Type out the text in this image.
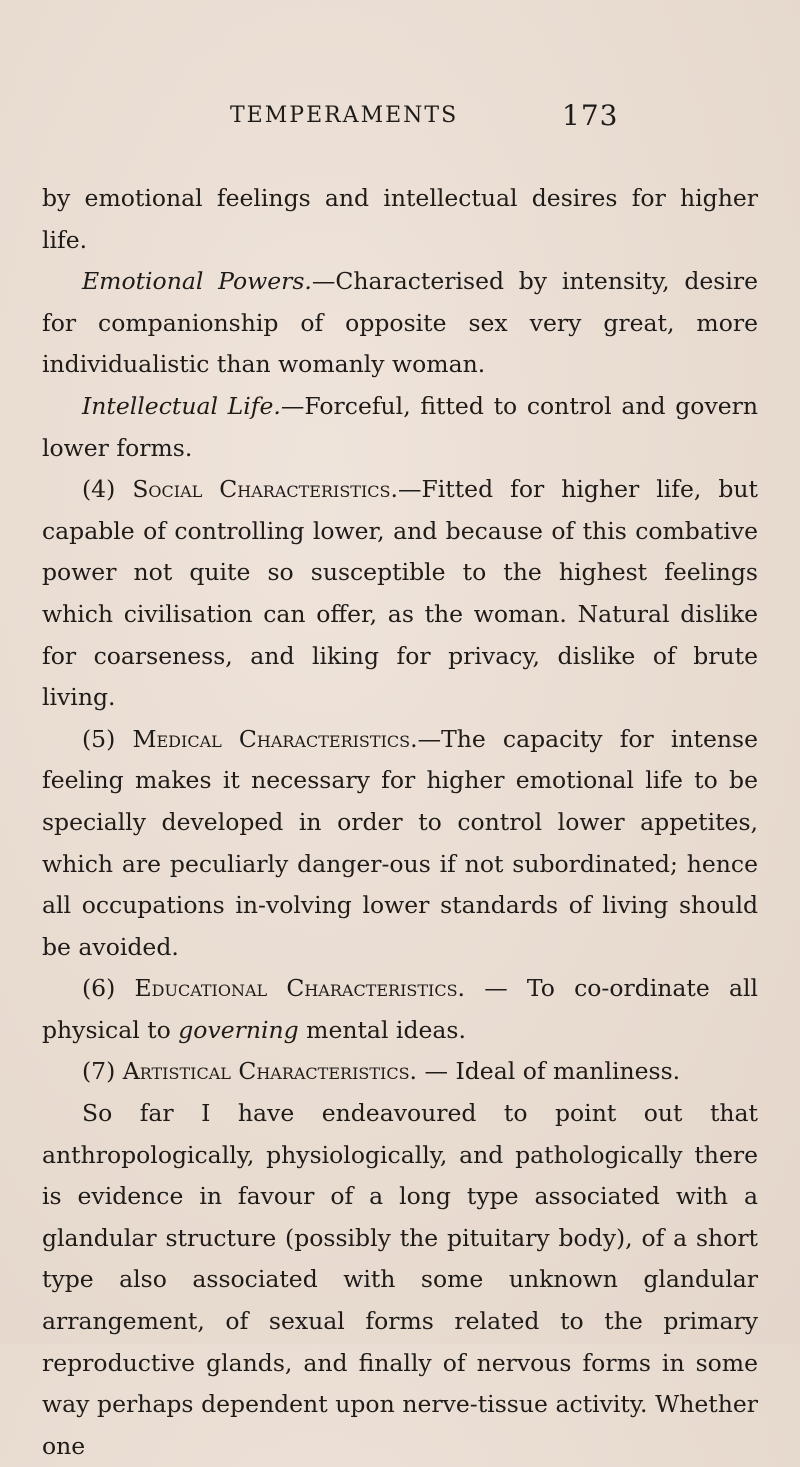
TEMPERAMENTS	173

by emotional feelings and intellectual desires for higher life.

Emotional Powers.—Characterised by intensity, desire for companionship of opposite sex very great, more individualistic than womanly woman.

Intellectual Life.—Forceful, fitted to control and govern lower forms.

(4) Social Characteristics.—Fitted for higher life, but capable of controlling lower, and because of this combative power not quite so susceptible to the highest feelings which civilisation can offer, as the woman. Natural dislike for coarseness, and liking for privacy, dislike of brute living.

(5) Medical Characteristics.—The capacity for intense feeling makes it necessary for higher emotional life to be specially developed in order to control lower appetites, which are peculiarly danger-ous if not subordinated; hence all occupations in-volving lower standards of living should be avoided.

(6) Educational Characteristics. — To co-ordinate all physical to governing mental ideas.

(7) Artistical Characteristics. — Ideal of manliness.

So far I have endeavoured to point out that anthropologically, physiologically, and pathologically there is evidence in favour of a long type associated with a glandular structure (possibly the pituitary body), of a short type also associated with some unknown glandular arrangement, of sexual forms related to the primary reproductive glands, and finally of nervous forms in some way perhaps dependent upon nerve-tissue activity. Whether one
